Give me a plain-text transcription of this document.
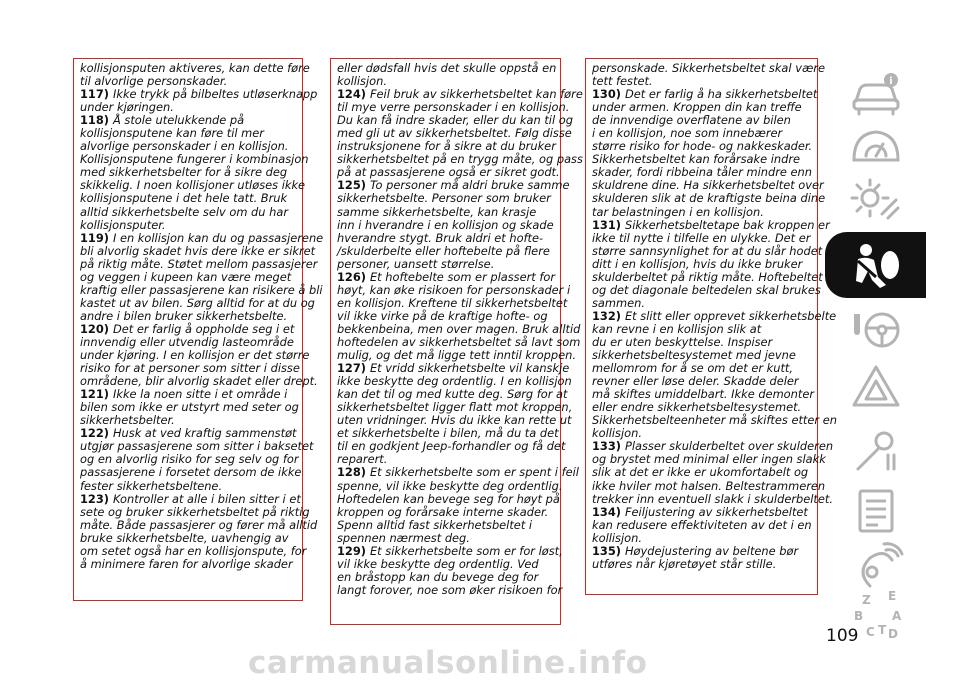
kollisjonsputen aktiveres, kan dette føre
til alvorlige personskader.
117) Ikke trykk på bilbeltes utløserknapp
under kjøringen.
118) Å stole utelukkende på
kollisjonsputene kan føre til mer
alvorlige personskader i en kollisjon.
Kollisjonsputene fungerer i kombinasjon
med sikkerhetsbelter for å sikre deg
skikkelig. I noen kollisjoner utløses ikke
kollisjonsputene i det hele tatt. Bruk
alltid sikkerhetsbelte selv om du har
kollisjonsputer.
119) I en kollisjon kan du og passasjerene
bli alvorlig skadet hvis dere ikke er sikret
på riktig måte. Støtet mellom passasjerer
og veggen i kupeen kan være meget
kraftig eller passasjerene kan risikere å bli
kastet ut av bilen. Sørg alltid for at du og
andre i bilen bruker sikkerhetsbelte.
120) Det er farlig å oppholde seg i et
innvendig eller utvendig lasteområde
under kjøring. I en kollisjon er det større
risiko for at personer som sitter i disse
områdene, blir alvorlig skadet eller drept.
121) Ikke la noen sitte i et område i
bilen som ikke er utstyrt med seter og
sikkerhetsbelter.
122) Husk at ved kraftig sammenstøt
utgjør passasjerene som sitter i baksetet
og en alvorlig risiko for seg selv og for
passasjerene i forsetet dersom de ikke
fester sikkerhetsbeltene.
123) Kontroller at alle i bilen sitter i et
sete og bruker sikkerhetsbeltet på riktig
måte. Både passasjerer og fører må alltid
bruke sikkerhetsbelte, uavhengig av
om setet også har en kollisjonspute, for
å minimere faren for alvorlige skader
eller dødsfall hvis det skulle oppstå en
kollisjon.
124) Feil bruk av sikkerhetsbeltet kan føre
til mye verre personskader i en kollisjon.
Du kan få indre skader, eller du kan til og
med gli ut av sikkerhetsbeltet. Følg disse
instruksjonene for å sikre at du bruker
sikkerhetsbeltet på en trygg måte, og pass
på at passasjerene også er sikret godt.
125) To personer må aldri bruke samme
sikkerhetsbelte. Personer som bruker
samme sikkerhetsbelte, kan krasje
inn i hverandre i en kollisjon og skade
hverandre stygt. Bruk aldri et hofte-
/skulderbelte eller hoftebelte på flere
personer, uansett størrelse.
126) Et hoftebelte som er plassert for
høyt, kan øke risikoen for personskader i
en kollisjon. Kreftene til sikkerhetsbeltet
vil ikke virke på de kraftige hofte- og
bekkenbeina, men over magen. Bruk alltid
hoftedelen av sikkerhetsbeltet så lavt som
mulig, og det må ligge tett inntil kroppen.
127) Et vridd sikkerhetsbelte vil kanskje
ikke beskytte deg ordentlig. I en kollisjon
kan det til og med kutte deg. Sørg for at
sikkerhetsbeltet ligger flatt mot kroppen,
uten vridninger. Hvis du ikke kan rette ut
et sikkerhetsbelte i bilen, må du ta det
til en godkjent Jeep-forhandler og få det
reparert.
128) Et sikkerhetsbelte som er spent i feil
spenne, vil ikke beskytte deg ordentlig.
Hoftedelen kan bevege seg for høyt på
kroppen og forårsake interne skader.
Spenn alltid fast sikkerhetsbeltet i
spennen nærmest deg.
129) Et sikkerhetsbelte som er for løst,
vil ikke beskytte deg ordentlig. Ved
en bråstopp kan du bevege deg for
langt forover, noe som øker risikoen for
personskade. Sikkerhetsbeltet skal være
tett festet.
130) Det er farlig å ha sikkerhetsbeltet
under armen. Kroppen din kan treffe
de innvendige overflatene av bilen
i en kollisjon, noe som innebærer
større risiko for hode- og nakkeskader.
Sikkerhetsbeltet kan forårsake indre
skader, fordi ribbeina tåler mindre enn
skuldrene dine. Ha sikkerhetsbeltet over
skulderen slik at de kraftigste beina dine
tar belastningen i en kollisjon.
131) Sikkerhetsbeltetape bak kroppen er
ikke til nytte i tilfelle en ulykke. Det er
større sannsynlighet for at du slår hodet
ditt i en kollisjon, hvis du ikke bruker
skulderbeltet på riktig måte. Hoftebeltet
og det diagonale beltedelen skal brukes
sammen.
132) Et slitt eller opprevet sikkerhetsbelte
kan revne i en kollisjon slik at
du er uten beskyttelse. Inspiser
sikkerhetsbeltesystemet med jevne
mellomrom for å se om det er kutt,
revner eller løse deler. Skadde deler
må skiftes umiddelbart. Ikke demonter
eller endre sikkerhetsbeltesystemet.
Sikkerhetsbelteenheter må skiftes etter en
kollisjon.
133) Plasser skulderbeltet over skulderen
og brystet med minimal eller ingen slakk
slik at det er ikke er ukomfortabelt og
ikke hviler mot halsen. Beltestrammeren
trekker inn eventuell slakk i skulderbeltet.
134) Feiljustering av sikkerhetsbeltet
kan redusere effektiviteten av det i en
kollisjon.
135) Høydejustering av beltene bør
utføres når kjøretøyet står stille.
i
Z E
B A
C T D
109
carmanualsonline.info
